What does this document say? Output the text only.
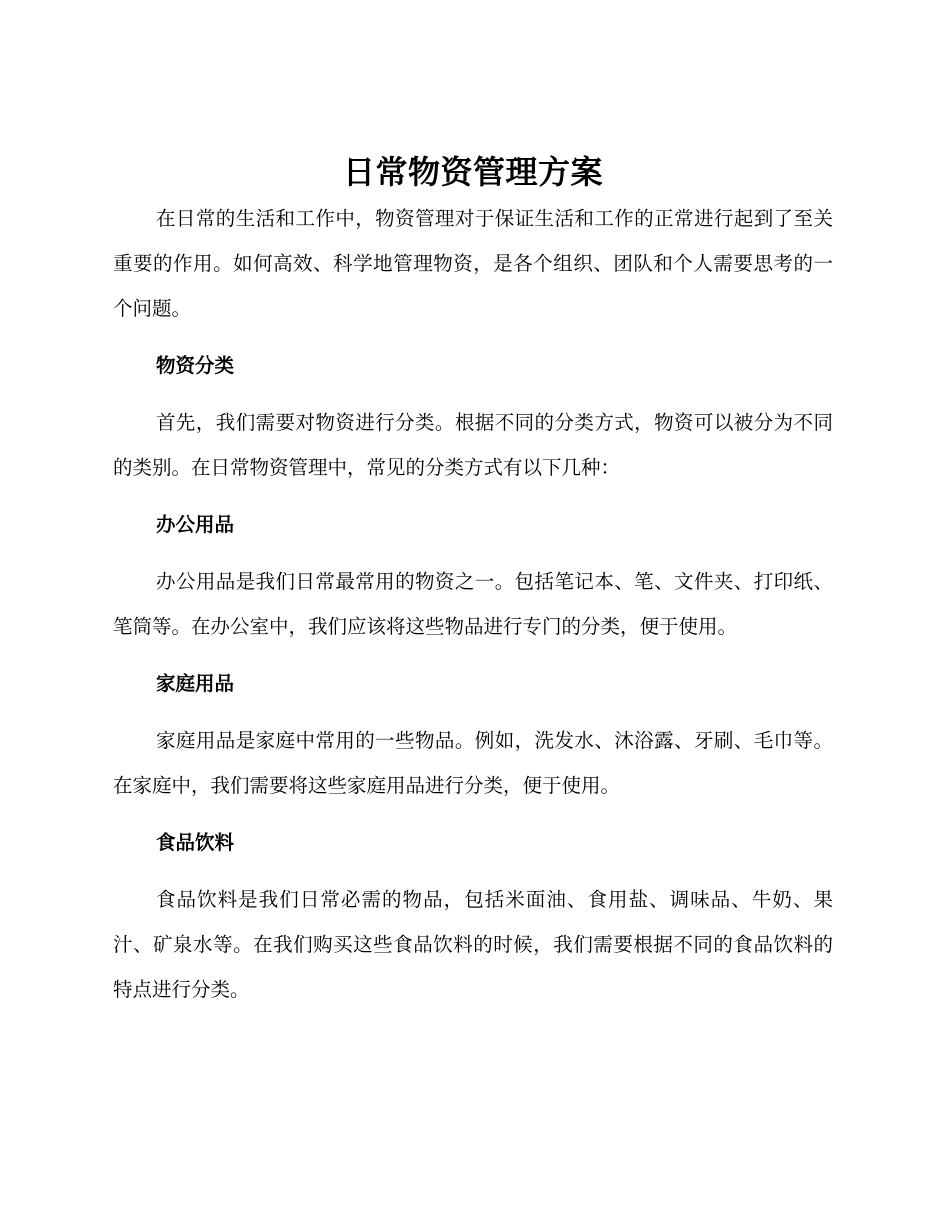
日常物资管理方案

在日常的生活和工作中，物资管理对于保证生活和工作的正常进行起到了至关重要的作用。如何高效、科学地管理物资，是各个组织、团队和个人需要思考的一个问题。

物资分类

首先，我们需要对物资进行分类。根据不同的分类方式，物资可以被分为不同的类别。在日常物资管理中，常见的分类方式有以下几种：

办公用品

办公用品是我们日常最常用的物资之一。包括笔记本、笔、文件夹、打印纸、笔筒等。在办公室中，我们应该将这些物品进行专门的分类，便于使用。

家庭用品

家庭用品是家庭中常用的一些物品。例如，洗发水、沐浴露、牙刷、毛巾等。在家庭中，我们需要将这些家庭用品进行分类，便于使用。

食品饮料

食品饮料是我们日常必需的物品，包括米面油、食用盐、调味品、牛奶、果汁、矿泉水等。在我们购买这些食品饮料的时候，我们需要根据不同的食品饮料的特点进行分类。
